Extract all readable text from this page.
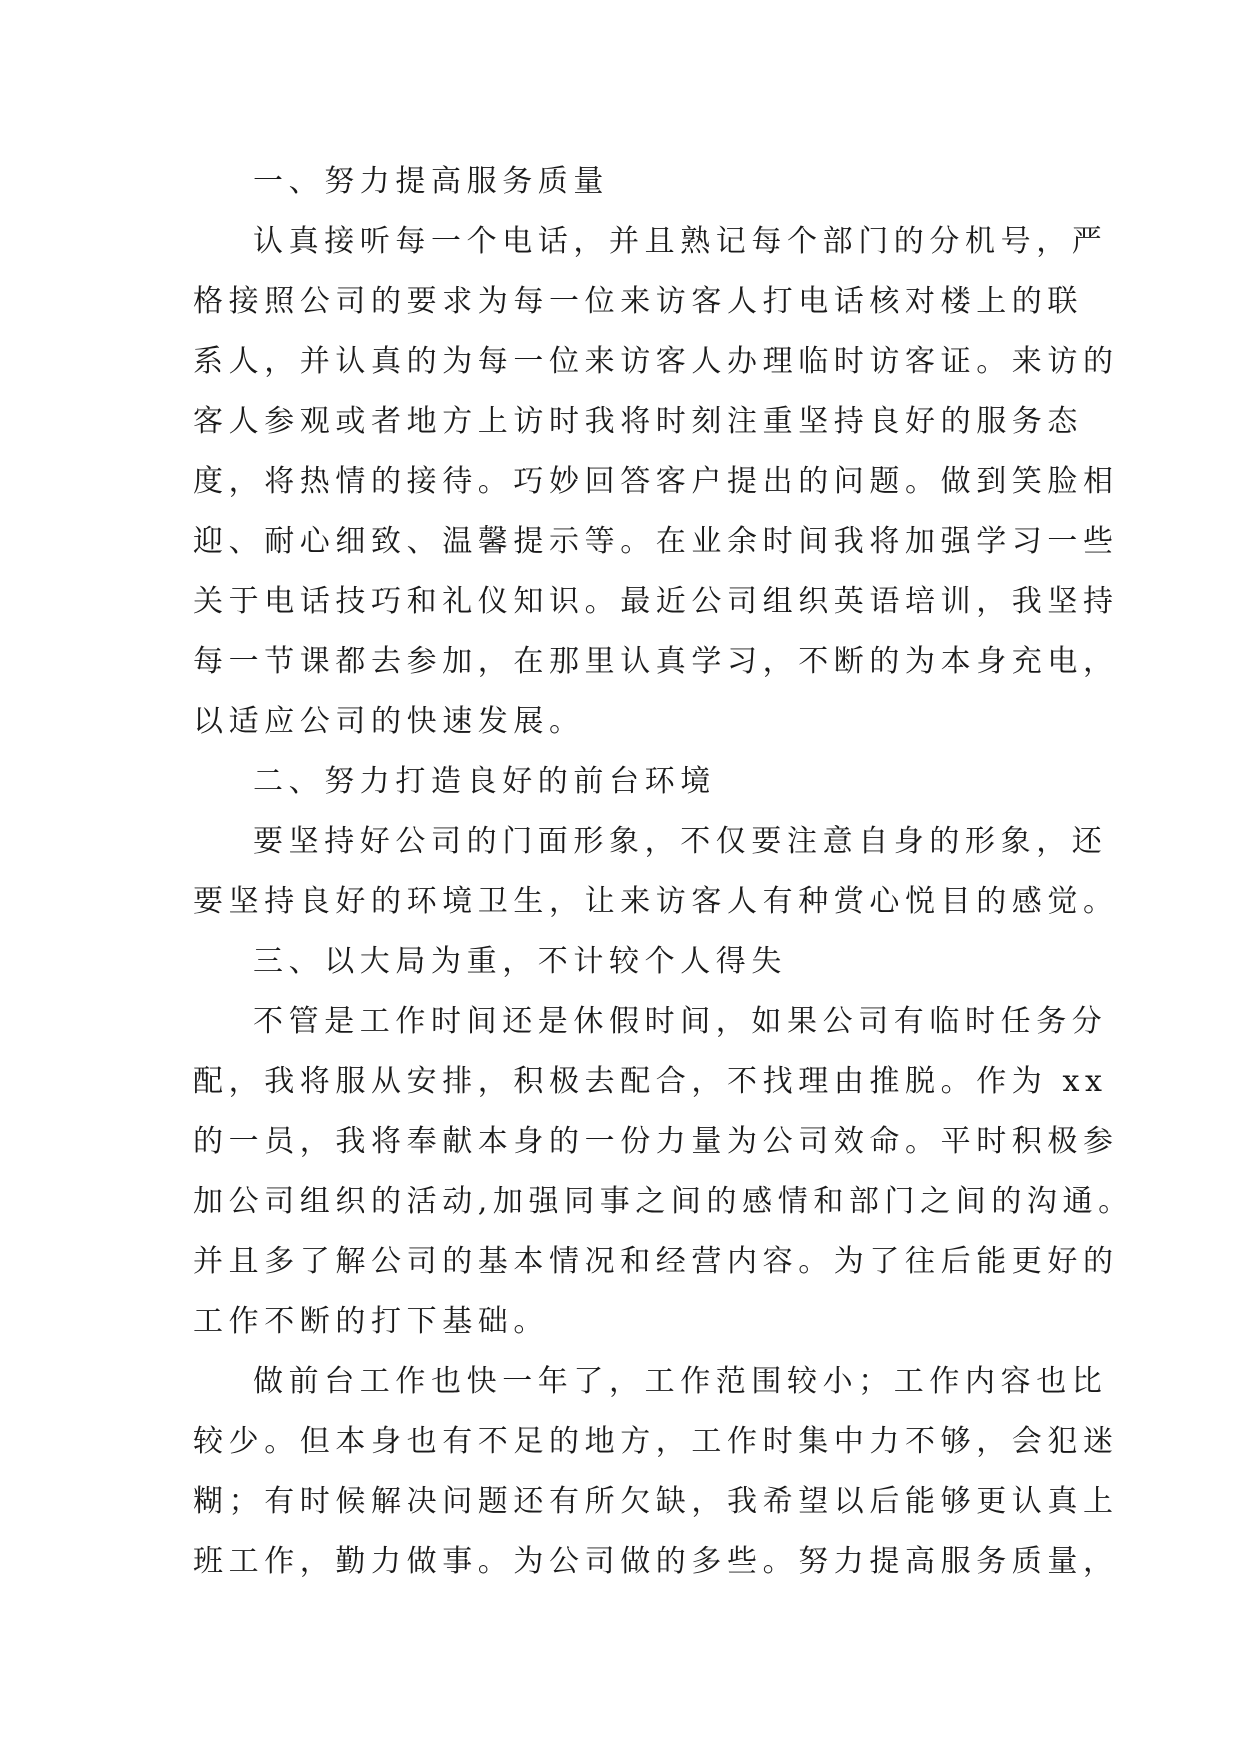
一、努力提高服务质量
认真接听每一个电话，并且熟记每个部门的分机号，严
格接照公司的要求为每一位来访客人打电话核对楼上的联
系人，并认真的为每一位来访客人办理临时访客证。来访的
客人参观或者地方上访时我将时刻注重坚持良好的服务态
度，将热情的接待。巧妙回答客户提出的问题。做到笑脸相
迎、耐心细致、温馨提示等。在业余时间我将加强学习一些
关于电话技巧和礼仪知识。最近公司组织英语培训，我坚持
每一节课都去参加，在那里认真学习，不断的为本身充电，
以适应公司的快速发展。
二、努力打造良好的前台环境
要坚持好公司的门面形象，不仅要注意自身的形象，还
要坚持良好的环境卫生，让来访客人有种赏心悦目的感觉。
三、以大局为重，不计较个人得失
不管是工作时间还是休假时间，如果公司有临时任务分
配，我将服从安排，积极去配合，不找理由推脱。作为 xx
的一员，我将奉献本身的一份力量为公司效命。平时积极参
加公司组织的活动,加强同事之间的感情和部门之间的沟通。
并且多了解公司的基本情况和经营内容。为了往后能更好的
工作不断的打下基础。
做前台工作也快一年了，工作范围较小；工作内容也比
较少。但本身也有不足的地方，工作时集中力不够，会犯迷
糊；有时候解决问题还有所欠缺，我希望以后能够更认真上
班工作，勤力做事。为公司做的多些。努力提高服务质量，
